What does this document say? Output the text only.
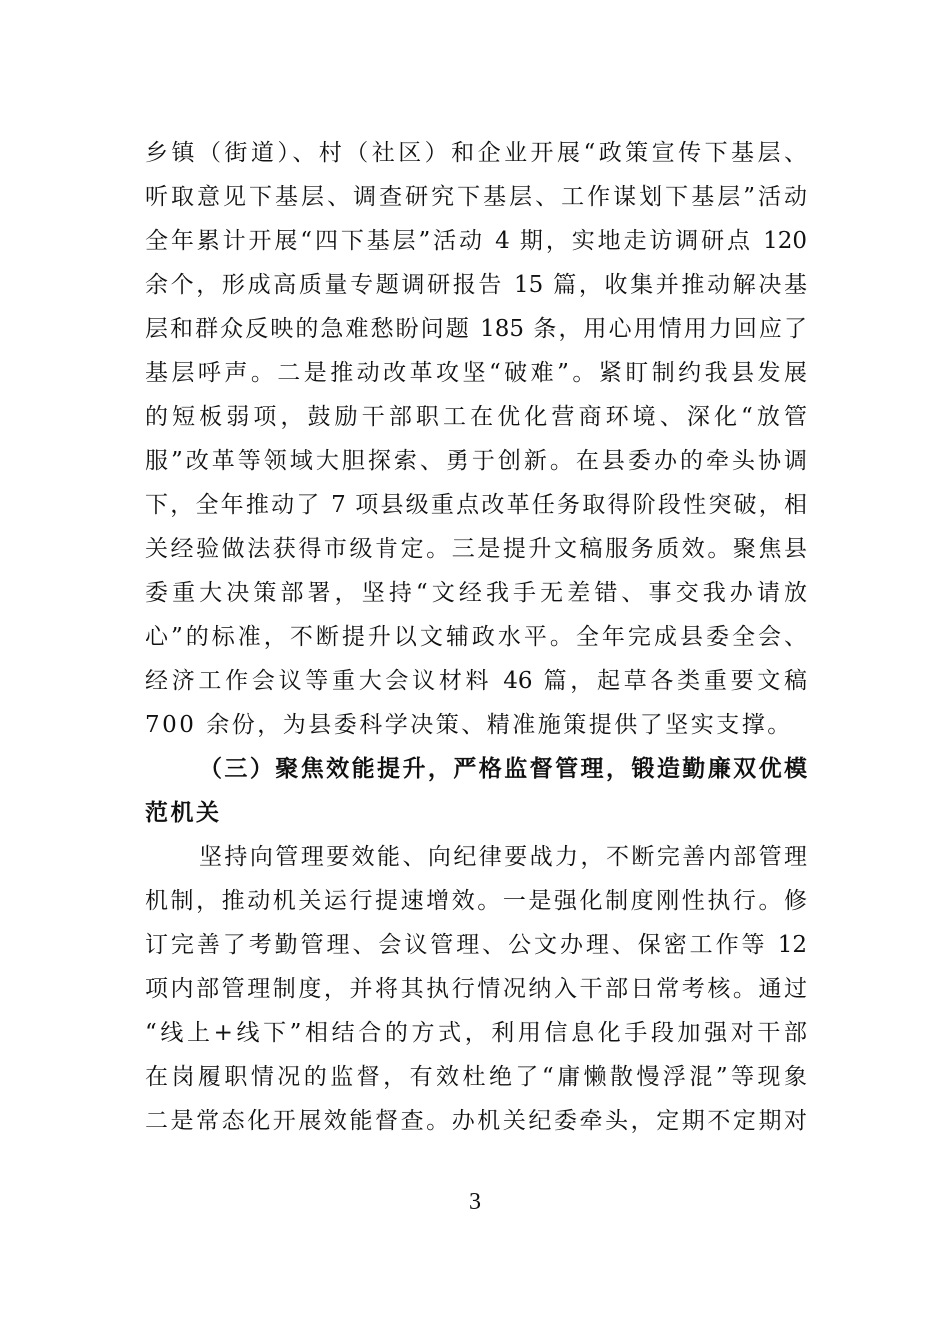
乡镇（街道）、村（社区）和企业开展“政策宣传下基层、
听取意见下基层、调查研究下基层、工作谋划下基层”活动
全年累计开展“四下基层”活动 4 期，实地走访调研点 120
余个，形成高质量专题调研报告 15 篇，收集并推动解决基
层和群众反映的急难愁盼问题 185 条，用心用情用力回应了
基层呼声。二是推动改革攻坚“破难”。紧盯制约我县发展
的短板弱项，鼓励干部职工在优化营商环境、深化“放管
服”改革等领域大胆探索、勇于创新。在县委办的牵头协调
下，全年推动了 7 项县级重点改革任务取得阶段性突破，相
关经验做法获得市级肯定。三是提升文稿服务质效。聚焦县
委重大决策部署，坚持“文经我手无差错、事交我办请放
心”的标准，不断提升以文辅政水平。全年完成县委全会、
经济工作会议等重大会议材料 46 篇，起草各类重要文稿
700 余份，为县委科学决策、精准施策提供了坚实支撑。
（三）聚焦效能提升，严格监督管理，锻造勤廉双优模
范机关
坚持向管理要效能、向纪律要战力，不断完善内部管理
机制，推动机关运行提速增效。一是强化制度刚性执行。修
订完善了考勤管理、会议管理、公文办理、保密工作等 12
项内部管理制度，并将其执行情况纳入干部日常考核。通过
“线上+线下”相结合的方式，利用信息化手段加强对干部
在岗履职情况的监督，有效杜绝了“庸懒散慢浮混”等现象
二是常态化开展效能督查。办机关纪委牵头，定期不定期对
3
